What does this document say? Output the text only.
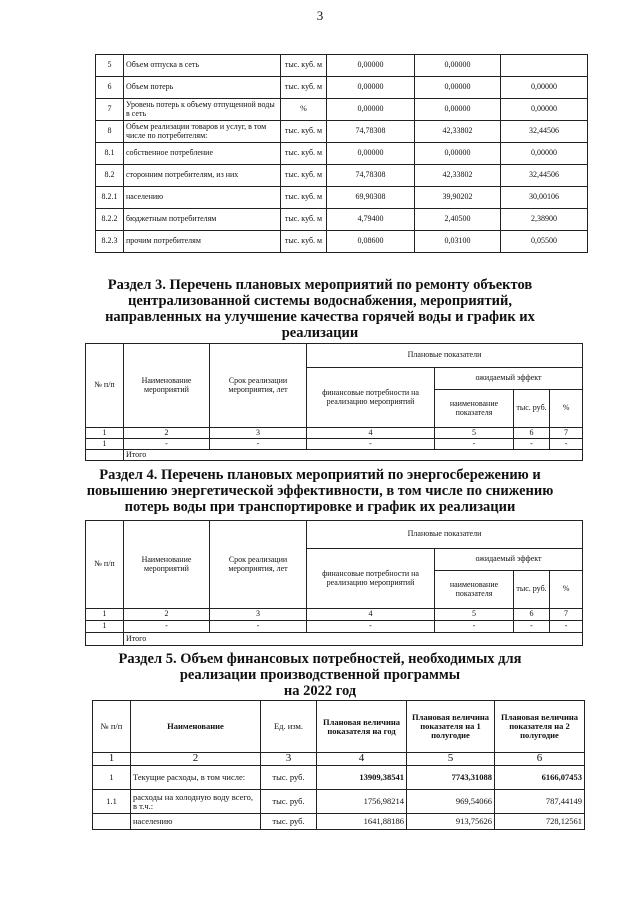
3
5	Объем отпуска в сеть	тыс. куб. м	0,00000	0,00000	
6	Объем потерь	тыс. куб. м	0,00000	0,00000	0,00000
7	Уровень потерь к объему отпущенной воды в сеть	%	0,00000	0,00000	0,00000
8	Объем реализации товаров и услуг, в том числе по потребителям:	тыс. куб. м	74,78308	42,33802	32,44506
8.1	собственное потребление	тыс. куб. м	0,00000	0,00000	0,00000
8.2	сторонним потребителям, из них	тыс. куб. м	74,78308	42,33802	32,44506
8.2.1	населению	тыс. куб. м	69,90308	39,90202	30,00106
8.2.2	бюджетным потребителям	тыс. куб. м	4,79400	2,40500	2,38900
8.2.3	прочим потребителям	тыс. куб. м	0,08600	0,03100	0,05500
Раздел 3. Перечень плановых мероприятий по ремонту объектов
централизованной системы водоснабжения, мероприятий,
направленных на улучшение качества горячей воды и график их
реализации
№ п/п	Наименование мероприятий	Срок реализации мероприятия, лет	Плановые показатели			
			финансовые потребности на реализацию мероприятий	ожидаемый эффект		
				наименование показателя	тыс. руб.	%
1	2	3	4	5	6	7
1	-	-	-	-	-	-
	Итого					
Раздел 4. Перечень плановых мероприятий по энергосбережению и
повышению энергетической эффективности, в том числе по снижению
потерь воды при транспортировке и график их реализации
№ п/п	Наименование мероприятий	Срок реализации мероприятия, лет	Плановые показатели			
			финансовые потребности на реализацию мероприятий	ожидаемый эффект		
				наименование показателя	тыс. руб.	%
1	2	3	4	5	6	7
1	-	-	-	-	-	-
	Итого					
Раздел 5. Объем финансовых потребностей, необходимых для
реализации производственной программы
на 2022 год
№ п/п	Наименование	Ед. изм.	Плановая величина показателя на год	Плановая величина показателя на 1 полугодие	Плановая величина показателя на 2 полугодие
1	2	3	4	5	6
1	Текущие расходы, в том числе:	тыс. руб.	13909,38541	7743,31088	6166,07453
1.1	расходы на холодную воду всего, в т.ч.:	тыс. руб.	1756,98214	969,54066	787,44149
	населению	тыс. руб.	1641,88186	913,75626	728,12561
